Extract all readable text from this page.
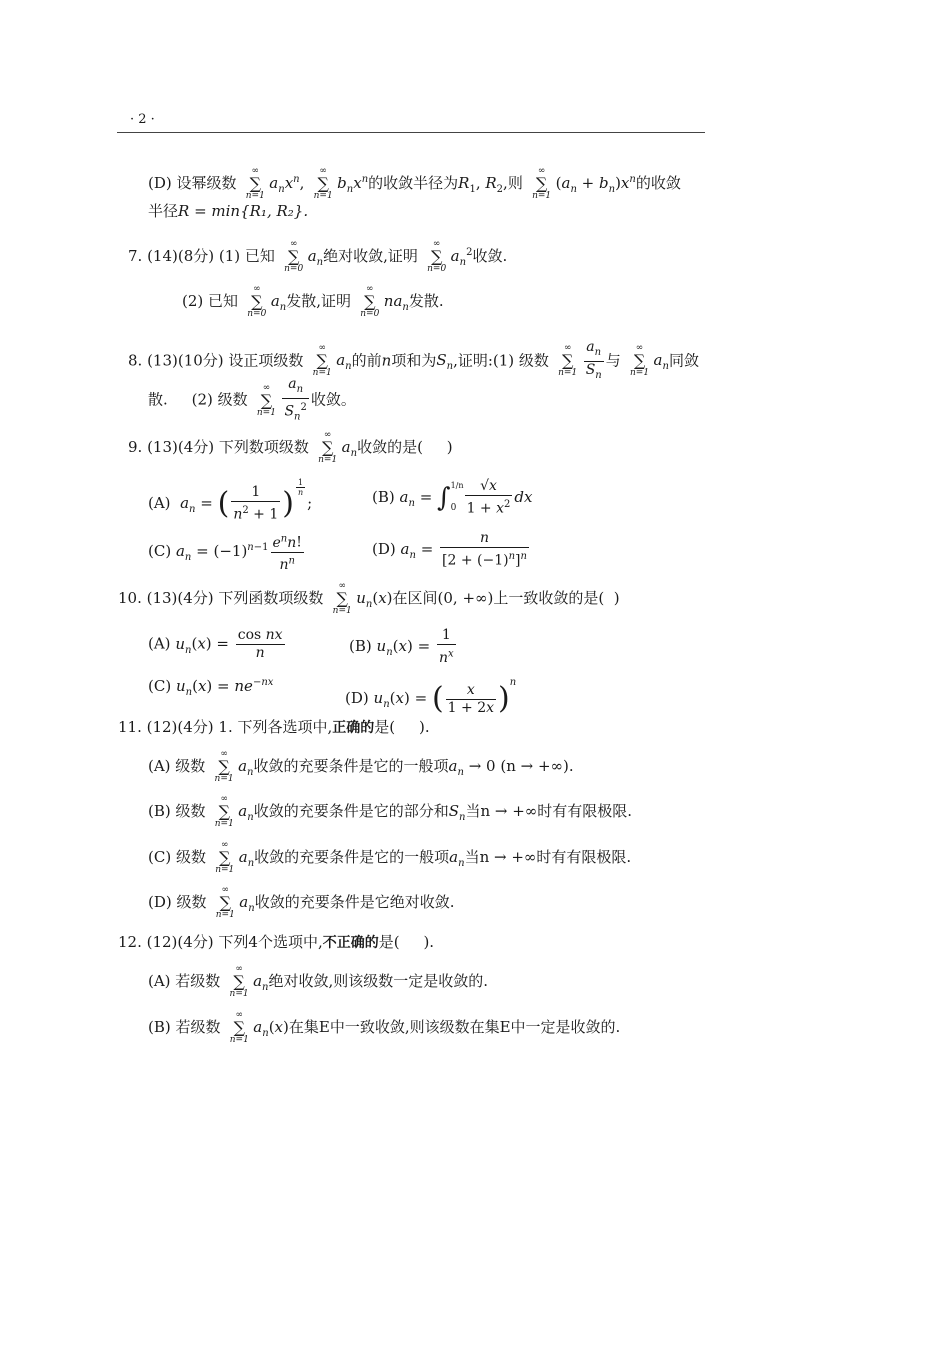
· 2 ·
(D) 设幂级数
∞
∑
n=1
$a_nx^n$,
∞
∑
n=1
$b_nx^n$的收敛半径为$R_1$, $R_2$,则
∞
∑
n=1
$(a_n + b_n)x^n$的收敛
半径R = min{R₁, R₂}.
7. (14)(8分) (1) 已知
∞
∑
n=0
$a_n$绝对收敛,证明
∞
∑
n=0
$a_n^2$收敛.
(2) 已知
∞
∑
n=0
$a_n$发散,证明
∞
∑
n=0
$na_n$发散.
8. (13)(10分) 设正项级数
∞
∑
n=1
$a_n$的前n项和为$S_n$,证明:(1) 级数
∞
∑
$n=1 \frac{a_n}{S_n}$ 与
∞
∑
n=1
$a_n$同敛
散. (2) 级数
∞
∑
$n=1 \frac{a_n}{S_n^2}$ 收敛。
9. (13)(4分) 下列数项级数
∞
∑
n=1
$a_n$收敛的是( )
(A) $a_n$ = ( $\frac{1}{n^2 + 1}$ ) $^{\frac{1}{n}}$
;	(B) $a_n$ = ∫ 1/n
$0 \frac{√x}{1 + x^2}$ dx
(C) $a_n = (-1)^{n-1} \frac{e^nn!}{n^n}$	(D) $a_n = \frac{n}{[2 + (-1)^n]^n}$
10. (13)(4分) 下列函数项级数
∞
∑
n=1
$u_n(x)$在区间(0, +∞)上一致收敛的是( )
(A) $u_n(x) = \frac{\text{cos nx}}{n}$	(B) $u_n(x) = \frac{1}{n^x}$
(C) $u_n(x) = ne^{-nx}$
(D) $u_n(x)$ = ( $\frac{x}{1 + 2x} )^n$
11. (12)(4分) 1. 下列各选项中,正确的是( ).
(A) 级数
∞
∑
n=1
$a_n$收敛的充要条件是它的一般项$a_n \to 0$ (n → +∞).
(B) 级数
∞
∑
n=1
$a_n$收敛的充要条件是它的部分和$S_n$当n → +∞时有有限极限.
(C) 级数
∞
∑
n=1
$a_n$收敛的充要条件是它的一般项$a_n$当n → +∞时有有限极限.
(D) 级数
∞
∑
n=1
$a_n$收敛的充要条件是它绝对收敛.
12. (12)(4分) 下列4个选项中,不正确的是( ).
(A) 若级数
∞
∑
n=1
$a_n$绝对收敛,则该级数一定是收敛的.
(B) 若级数
∞
∑
n=1
$a_n(x)$在集E中一致收敛,则该级数在集E中一定是收敛的.
